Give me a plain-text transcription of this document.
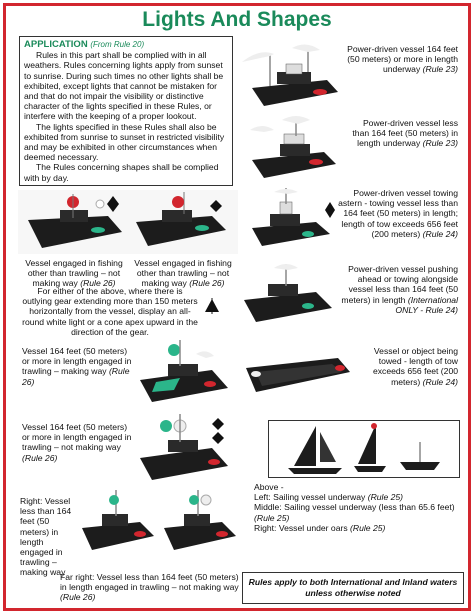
Lights And Shapes
APPLICATION (From Rule 20)

Rules in this part shall be complied with in all weathers. Rules concerning lights apply from sunset to sunrise. During such times no other lights shall be exhibited, except lights that cannot be mistaken for and that do not impair the visibility or distinctive character of the lights specified in these Rules, or interfere with the keeping of a proper lookout.

The lights specified in these Rules shall also be exhibited from sunrise to sunset in restricted visibility and may be exhibited in other circumstances when deemed necessary.

The Rules concerning shapes shall be complied with by day.

Power-driven vessel 164 feet (50 meters) or more in length underway (Rule 23)
Power-driven vessel less than 164 feet (50 meters) in length underway (Rule 23)
Vessel engaged in fishing other than trawling – not making way (Rule 26)
Vessel engaged in fishing other than trawling – not making way (Rule 26)
For either of the above, where there is outlying gear extending more than 150 meters horizontally from the vessel, display an all-round white light or a cone apex upward in the direction of the gear.
Power-driven vessel towing astern - towing vessel less than 164 feet (50 meters) in length; length of tow exceeds 656 feet (200 meters) (Rule 24)
Power-driven vessel pushing ahead or towing alongside vessel less than 164 feet (50 meters) in length (International ONLY - Rule 24)
Vessel 164 feet (50 meters) or more in length engaged in trawling – making way (Rule 26)
Vessel or object being towed - length of tow exceeds 656 feet (200 meters) (Rule 24)
Vessel 164 feet (50 meters) or more in length engaged in trawling – not making way (Rule 26)
Above -
Left: Sailing vessel underway (Rule 25)
Middle: Sailing vessel underway (less than 65.6 feet) (Rule 25)
Right: Vessel under oars (Rule 25)
Right: Vessel less than 164 feet (50 meters) in length engaged in trawling – making way
Far right: Vessel less than 164 feet (50 meters) in length engaged in trawling – not making way (Rule 26)
Rules apply to both International and Inland waters unless otherwise noted
